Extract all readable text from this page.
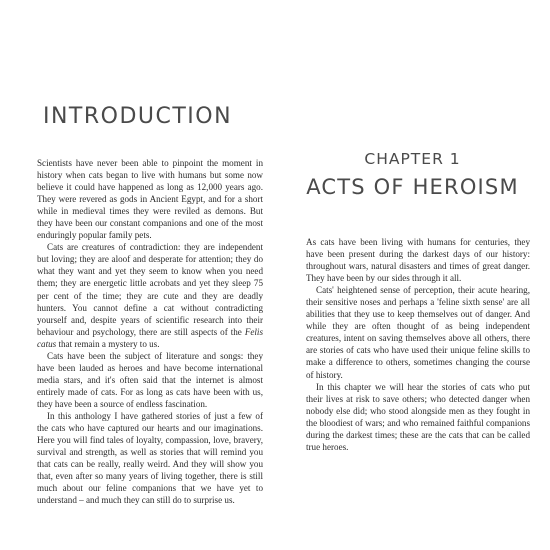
INTRODUCTION

Scientists have never been able to pinpoint the moment in history when cats began to live with humans but some now believe it could have happened as long as 12,000 years ago. They were revered as gods in Ancient Egypt, and for a short while in medieval times they were reviled as demons. But they have been our constant companions and one of the most enduringly popular family pets.

Cats are creatures of contradiction: they are independent but loving; they are aloof and desperate for attention; they do what they want and yet they seem to know when you need them; they are energetic little acrobats and yet they sleep 75 per cent of the time; they are cute and they are deadly hunters. You cannot define a cat without contradicting yourself and, despite years of scientific research into their behaviour and psychology, there are still aspects of the Felis catus that remain a mystery to us.

Cats have been the subject of literature and songs: they have been lauded as heroes and have become international media stars, and it's often said that the internet is almost entirely made of cats. For as long as cats have been with us, they have been a source of endless fascination.

In this anthology I have gathered stories of just a few of the cats who have captured our hearts and our imaginations. Here you will find tales of loyalty, compassion, love, bravery, survival and strength, as well as stories that will remind you that cats can be really, really weird. And they will show you that, even after so many years of living together, there is still much about our feline companions that we have yet to understand – and much they can still do to surprise us.

CHAPTER 1
ACTS OF HEROISM

As cats have been living with humans for centuries, they have been present during the darkest days of our history: throughout wars, natural disasters and times of great danger. They have been by our sides through it all.

Cats' heightened sense of perception, their acute hearing, their sensitive noses and perhaps a 'feline sixth sense' are all abilities that they use to keep themselves out of danger. And while they are often thought of as being independent creatures, intent on saving themselves above all others, there are stories of cats who have used their unique feline skills to make a difference to others, sometimes changing the course of history.

In this chapter we will hear the stories of cats who put their lives at risk to save others; who detected danger when nobody else did; who stood alongside men as they fought in the bloodiest of wars; and who remained faithful companions during the darkest times; these are the cats that can be called true heroes.
